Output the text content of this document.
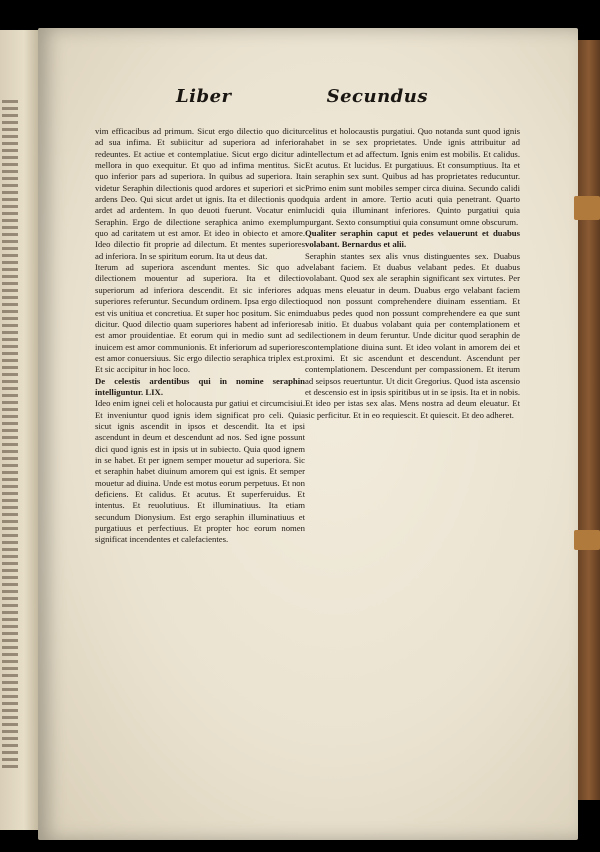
Liber	Secundus

vim efficacibus ad primum. Sicut ergo dilectio quo dicitur ad sua infima. Et subiicitur ad superiora ad inferiora redeuntes. Et actiue et contemplatiue. Sicut ergo dicitur ad mellora in quo exequitur. Et quo ad infima mentitus. Sic quo inferior pars ad superiora. In quibus ad superiora. Ita videtur Seraphin dilectionis quod ardores et superiori et sic ardens Deo. Qui sicut ardet ut ignis. Ita et dilectionis quod ardet ad ardentem. In quo deuoti fuerunt. Vocatur enim Seraphin. Ergo de dilectione seraphica animo exemplum quo ad caritatem ut est amor. Et ideo in obiecto et amore. Ideo dilectio fit proprie ad dilectum. Et mentes superiores ad inferiora. In se spiritum eorum. Ita ut deus dat.

Iterum ad superiora ascendunt mentes. Sic quo ad dilectionem mouentur ad superiora. Ita et dilectio superiorum ad inferiora descendit. Et sic inferiores ad superiores referuntur. Secundum ordinem. Ipsa ergo dilectio est vis unitiua et concretiua. Et super hoc positum. Sic enim dicitur. Quod dilectio quam superiores habent ad inferiores est amor prouidentiae. Et eorum qui in medio sunt ad se inuicem est amor communionis. Et inferiorum ad superiores est amor conuersiuus. Sic ergo dilectio seraphica triplex est. Et sic accipitur in hoc loco.

De celestis ardentibus qui in nomine seraphin intelliguntur. LIX.

Ideo enim ignei celi et holocausta pur gatiui et circumcisiui. Et inveniuntur quod ignis idem significat pro celi. Quia sicut ignis ascendit in ipsos et descendit. Ita et ipsi ascendunt in deum et descendunt ad nos. Sed igne possunt dici quod ignis est in ipsis ut in subiecto. Quia quod ignem in se habet. Et per ignem semper mouetur ad superiora. Sic et seraphin habet diuinum amorem qui est ignis. Et semper mouetur ad diuina. Unde est motus eorum perpetuus. Et non deficiens. Et calidus. Et acutus. Et superferuidus. Et intentus. Et reuolutiuus. Et illuminatiuus. Ita etiam secundum Dionysium. Est ergo seraphin illuminatiuus et purgatiuus et perfectiuus. Et propter hoc eorum nomen significat incendentes et calefacientes.

celitus et holocaustis purgatiui. Quo notanda sunt quod ignis habet in se sex proprietates. Unde ignis attribuitur ad intellectum et ad affectum. Ignis enim est mobilis. Et calidus. Et acutus. Et lucidus. Et purgatiuus. Et consumptiuus. Ita et in seraphin sex sunt. Quibus ad has proprietates reducuntur. Primo enim sunt mobiles semper circa diuina. Secundo calidi quia ardent in amore. Tertio acuti quia penetrant. Quarto lucidi quia illuminant inferiores. Quinto purgatiui quia purgant. Sexto consumptiui quia consumunt omne obscurum.

Qualiter seraphin caput et pedes velauerunt et duabus volabant. Bernardus et alii.

Seraphin stantes sex alis vnus distinguentes sex. Duabus velabant faciem. Et duabus velabant pedes. Et duabus volabant. Quod sex ale seraphin significant sex virtutes. Per quas mens eleuatur in deum. Duabus ergo velabant faciem quod non possunt comprehendere diuinam essentiam. Et duabus pedes quod non possunt comprehendere ea que sunt ab initio. Et duabus volabant quia per contemplationem et dilectionem in deum feruntur. Unde dicitur quod seraphin de contemplatione diuina sunt. Et ideo volant in amorem dei et proximi. Et sic ascendunt et descendunt. Ascendunt per contemplationem. Descendunt per compassionem. Et iterum ad seipsos reuertuntur. Ut dicit Gregorius. Quod ista ascensio et descensio est in ipsis spiritibus ut in se ipsis. Ita et in nobis. Et ideo per istas sex alas. Mens nostra ad deum eleuatur. Et sic perficitur. Et in eo requiescit. Et quiescit. Et deo adheret.
